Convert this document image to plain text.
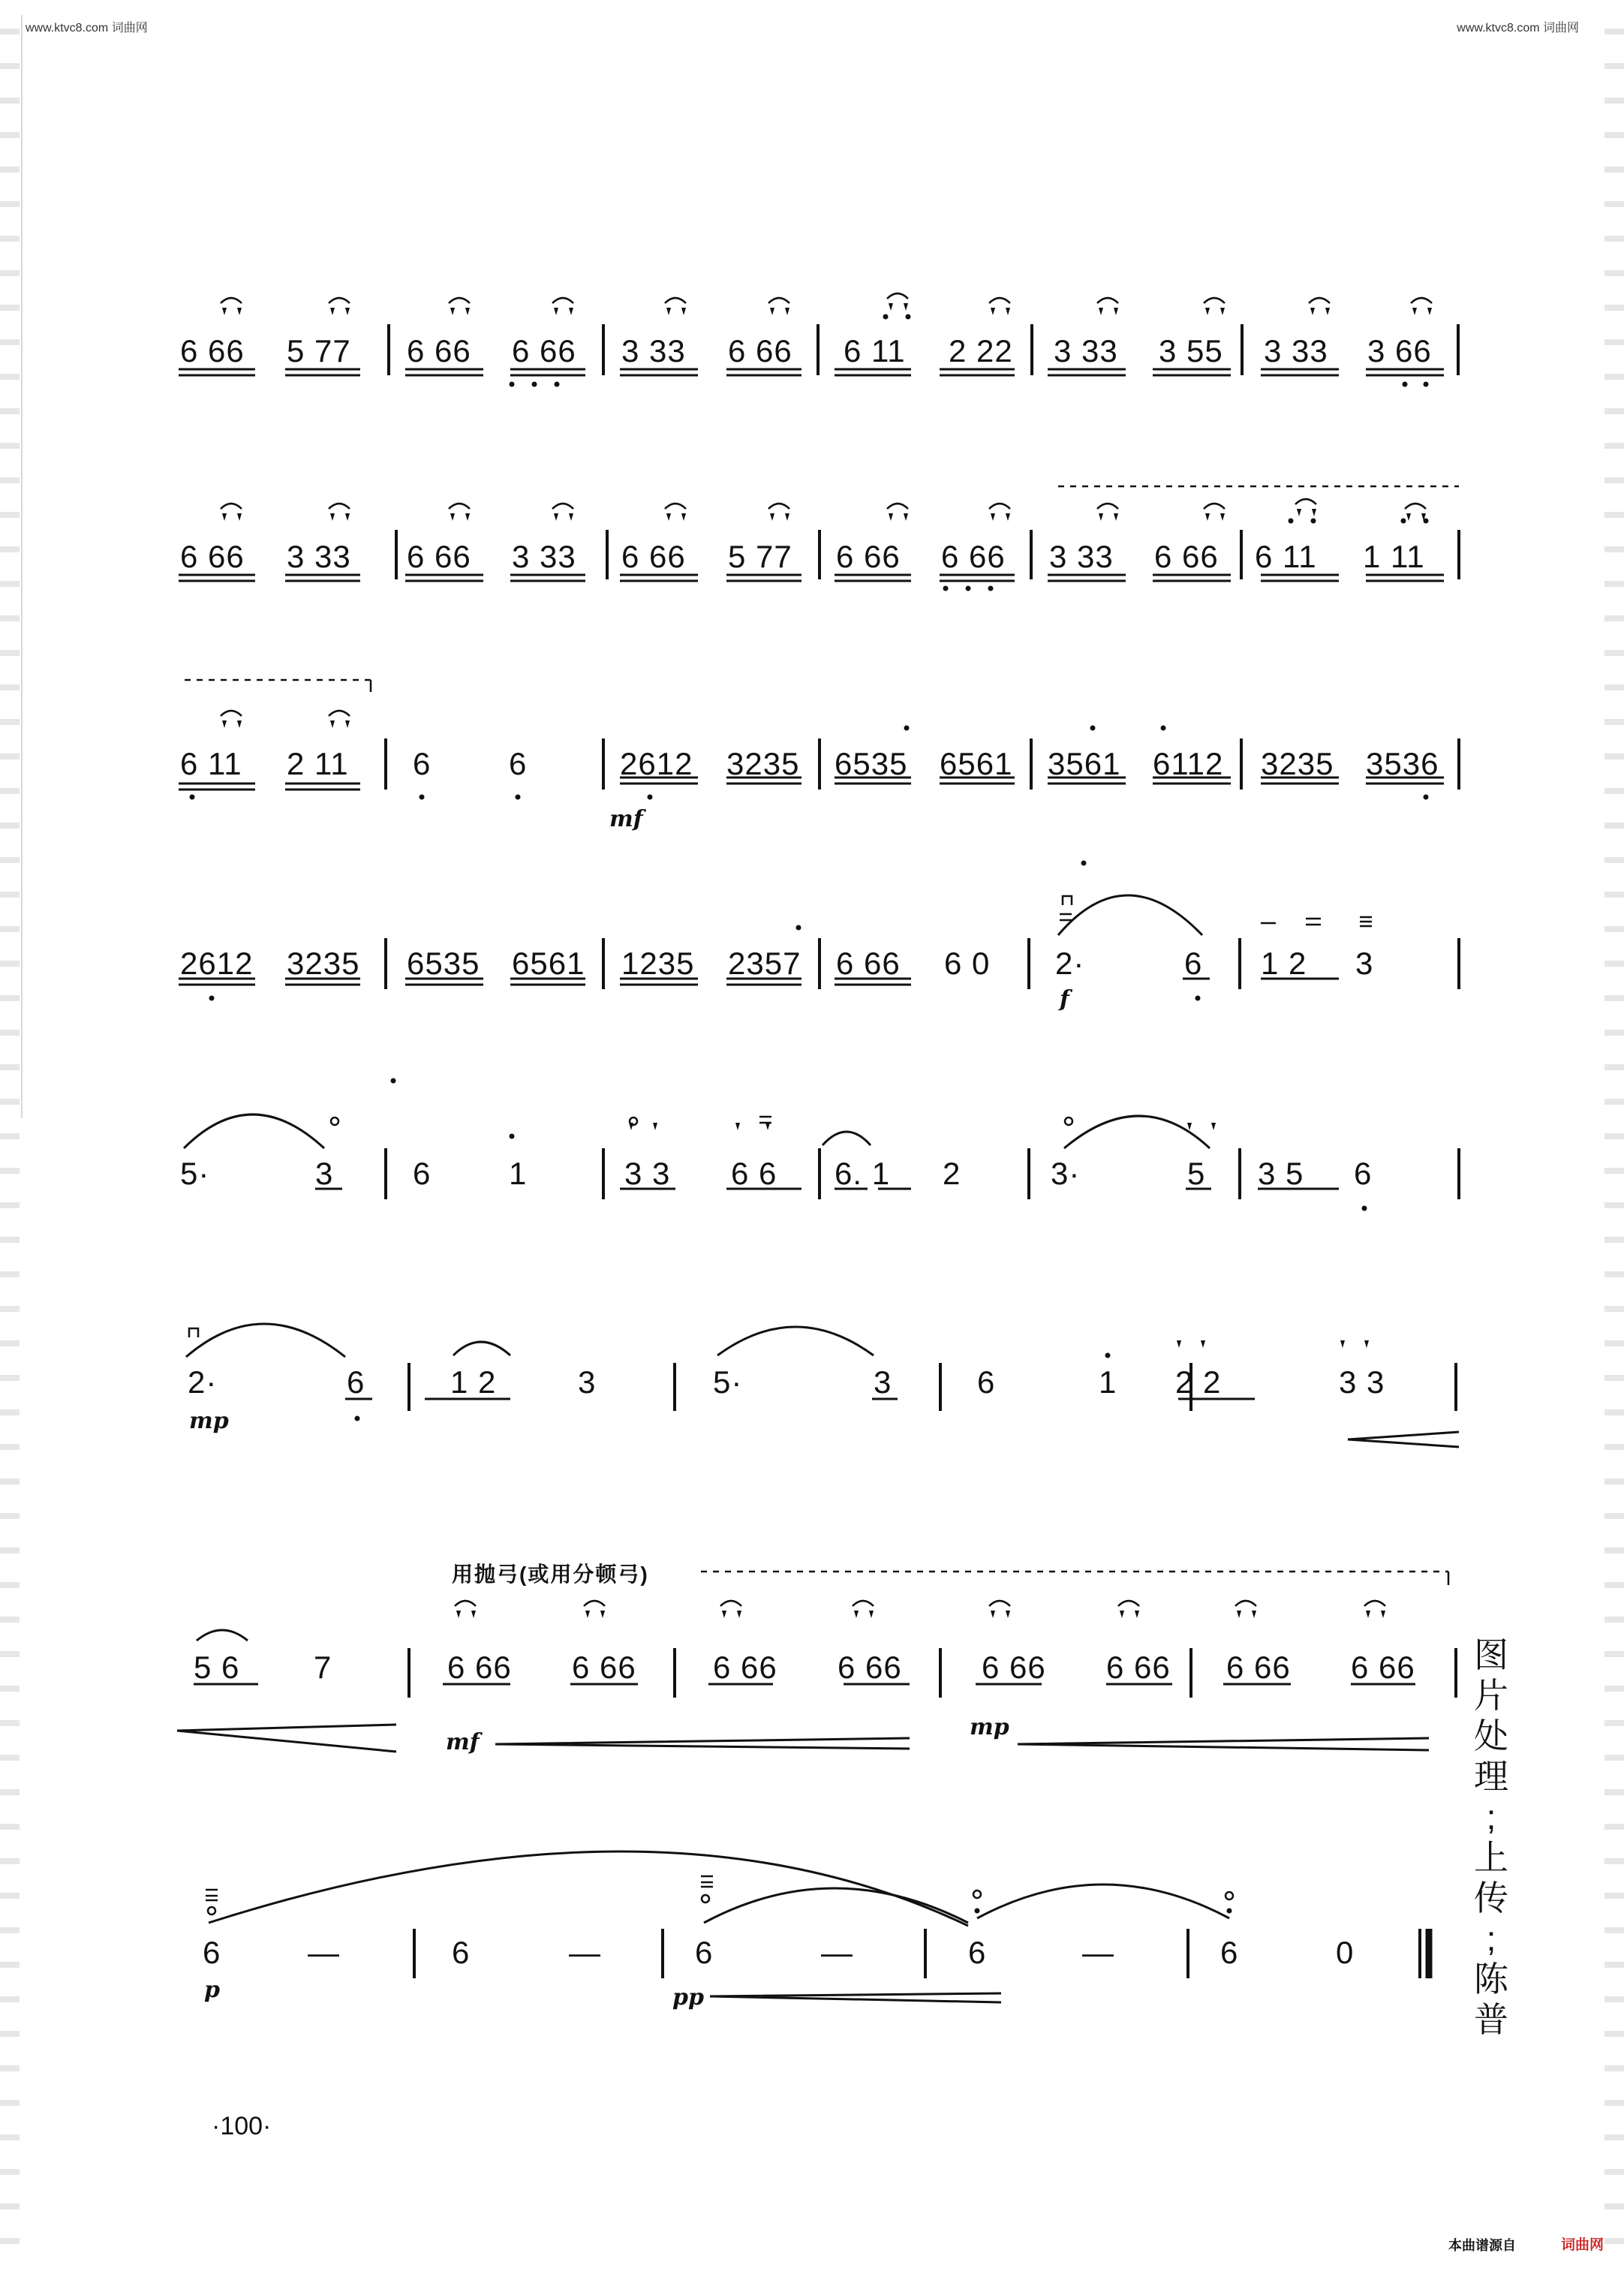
www.ktvc8.com 词曲网	www.ktvc8.com 词曲网
6 66 5 77 6 66 6 66 3 33 6 66 6 11 2 22 3 33 3 55 3 33 3 66
6 66 3 33 6 66 3 33 6 66 5 77 6 66 6 66 3 33 6 66 6 11 1 11
6 11 2 11 6 6	2612 3235 6535 6561 3561 6112 3235 3536
mf
2612 3235 6535 6561 1235 2357 6 66 6 0 2·	6 1 2 3
f
5·	3	6 1	3 3 6 6 6. 1 2	3·	5 3 5 6
2·	6	1 2	3	5·	3	6	1 2 2	3 3
mp
用抛弓(或用分顿弓)
5 6 7	6 66 6 66 6 66 6 66	6 66 6 66 6 66 6 66
mf
mp
6	—	6	—	6	—	6	—	6	0
p	pp
图
片
处
理
;
上
传
;
陈
普
·100·
本曲谱源自	词曲网
